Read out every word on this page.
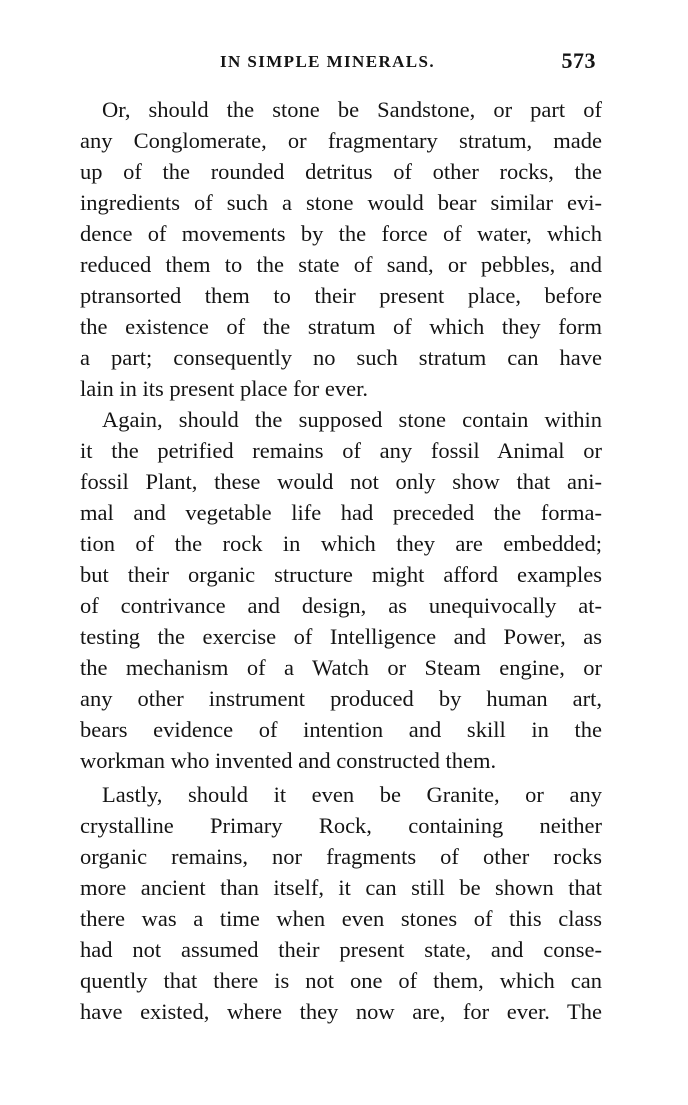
IN SIMPLE MINERALS.	573

Or, should the stone be Sandstone, or part of
any Conglomerate, or fragmentary stratum, made
up of the rounded detritus of other rocks, the
ingredients of such a stone would bear similar evi-
dence of movements by the force of water, which
reduced them to the state of sand, or pebbles, and
ptransorted them to their present place, before
the existence of the stratum of which they form
a part; consequently no such stratum can have
lain in its present place for ever.

Again, should the supposed stone contain within
it the petrified remains of any fossil Animal or
fossil Plant, these would not only show that ani-
mal and vegetable life had preceded the forma-
tion of the rock in which they are embedded;
but their organic structure might afford examples
of contrivance and design, as unequivocally at-
testing the exercise of Intelligence and Power, as
the mechanism of a Watch or Steam engine, or
any other instrument produced by human art,
bears evidence of intention and skill in the
workman who invented and constructed them.

Lastly, should it even be Granite, or any
crystalline Primary Rock, containing neither
organic remains, nor fragments of other rocks
more ancient than itself, it can still be shown that
there was a time when even stones of this class
had not assumed their present state, and conse-
quently that there is not one of them, which can
have existed, where they now are, for ever. The
